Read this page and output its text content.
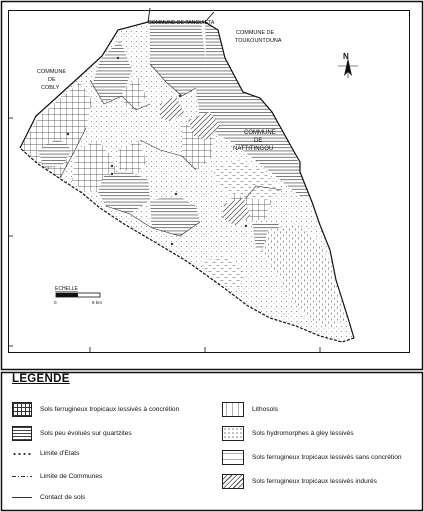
COMMUNE DE TANGUIETA
COMMUNE DE
TOUKOUNTOUNA
COMMUNE
DE
COBLY
COMMUNE
DE
NATTITINGOU
N
ECHELLE
0	6 km
LEGENDE
Sols ferrugineux tropicaux lessivés à concrétion
Sols peu évolués sur quartzites
Limite d'Etats
Limite de Communes
Contact de sols
Lithosols
Sols hydromorphes à gley lessivés
Sols ferrugineux tropicaux lessivés sans concrétion
Sols ferrugineux tropicaux lessivés indurés
